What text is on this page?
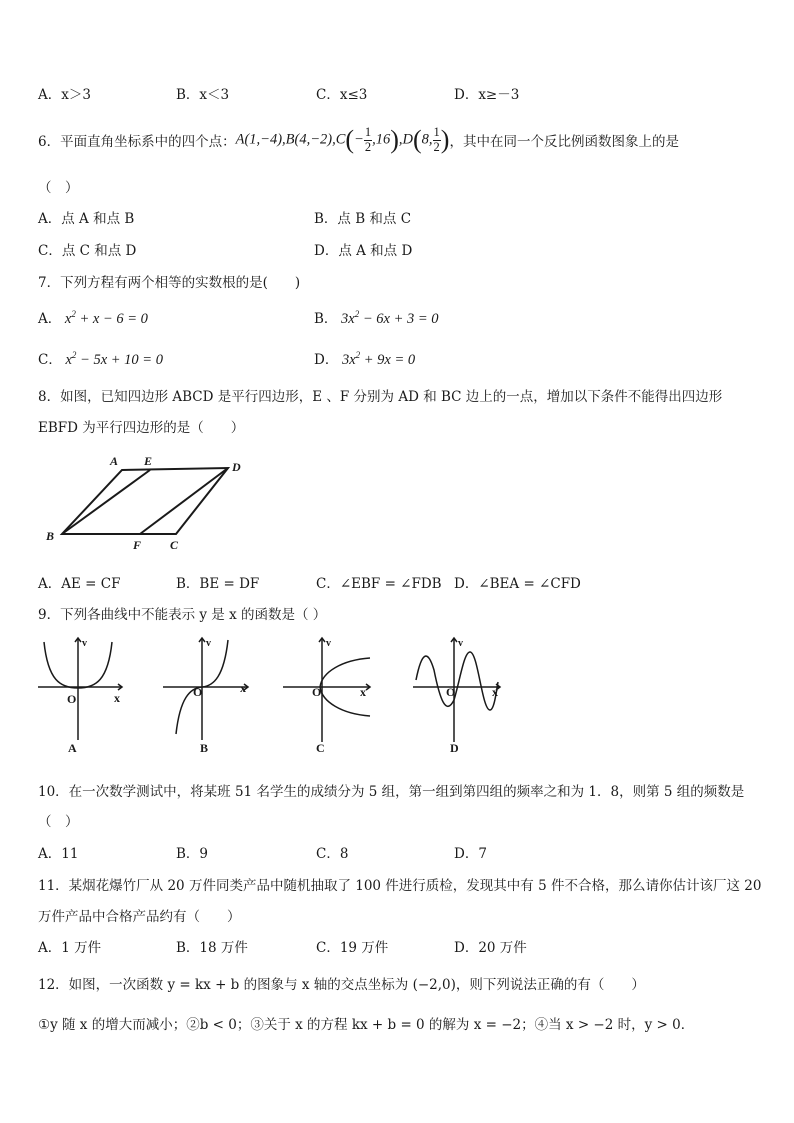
A．x＞3	B．x＜3	C．x≤3	D．x≥－3
6．平面直角坐标系中的四个点： $A(1,-4),B(4,-2),C(- \frac{1}{2} ,16),D(8$, $\frac{1}{2}$ ) ，其中在同一个反比例函数图象上的是
（　）
A．点 A 和点 B	B．点 B 和点 C
C．点 C 和点 D	D．点 A 和点 D
7．下列方程有两个相等的实数根的是(　　)
A． $x^2 + x - 6 = 0$	B． $3x^2 - 6x + 3 = 0$
C． $x^2 - 5x + 10 = 0$	D． $3x^2 + 9x = 0$
8．如图，已知四边形 ABCD 是平行四边形，E 、F 分别为 AD 和 BC 边上的一点，增加以下条件不能得出四边形
EBFD 为平行四边形的是（　　）
A E	D
B
F C
A．AE = CF	B．BE = DF	C．∠EBF = ∠FDB D．∠BEA = ∠CFD
9．下列各曲线中不能表示 y 是 x 的函数是（ ）
O
v
x
A
O
v
x
B
O
v
x
C
O
v
x
D
10．在一次数学测试中，将某班 51 名学生的成绩分为 5 组，第一组到第四组的频率之和为 1．8，则第 5 组的频数是
（　）
A．11	B．9	C．8	D．7
11．某烟花爆竹厂从 20 万件同类产品中随机抽取了 100 件进行质检，发现其中有 5 件不合格，那么请你估计该厂这 20
万件产品中合格产品约有（　　）
A．1 万件	B．18 万件	C．19 万件	D．20 万件
12．如图，一次函数 y = kx + b 的图象与 x 轴的交点坐标为 (−2,0)，则下列说法正确的有（　　）
①y 随 x 的增大而减小；②b < 0；③关于 x 的方程 kx + b = 0 的解为 x = −2；④当 x > −2 时，y > 0．
